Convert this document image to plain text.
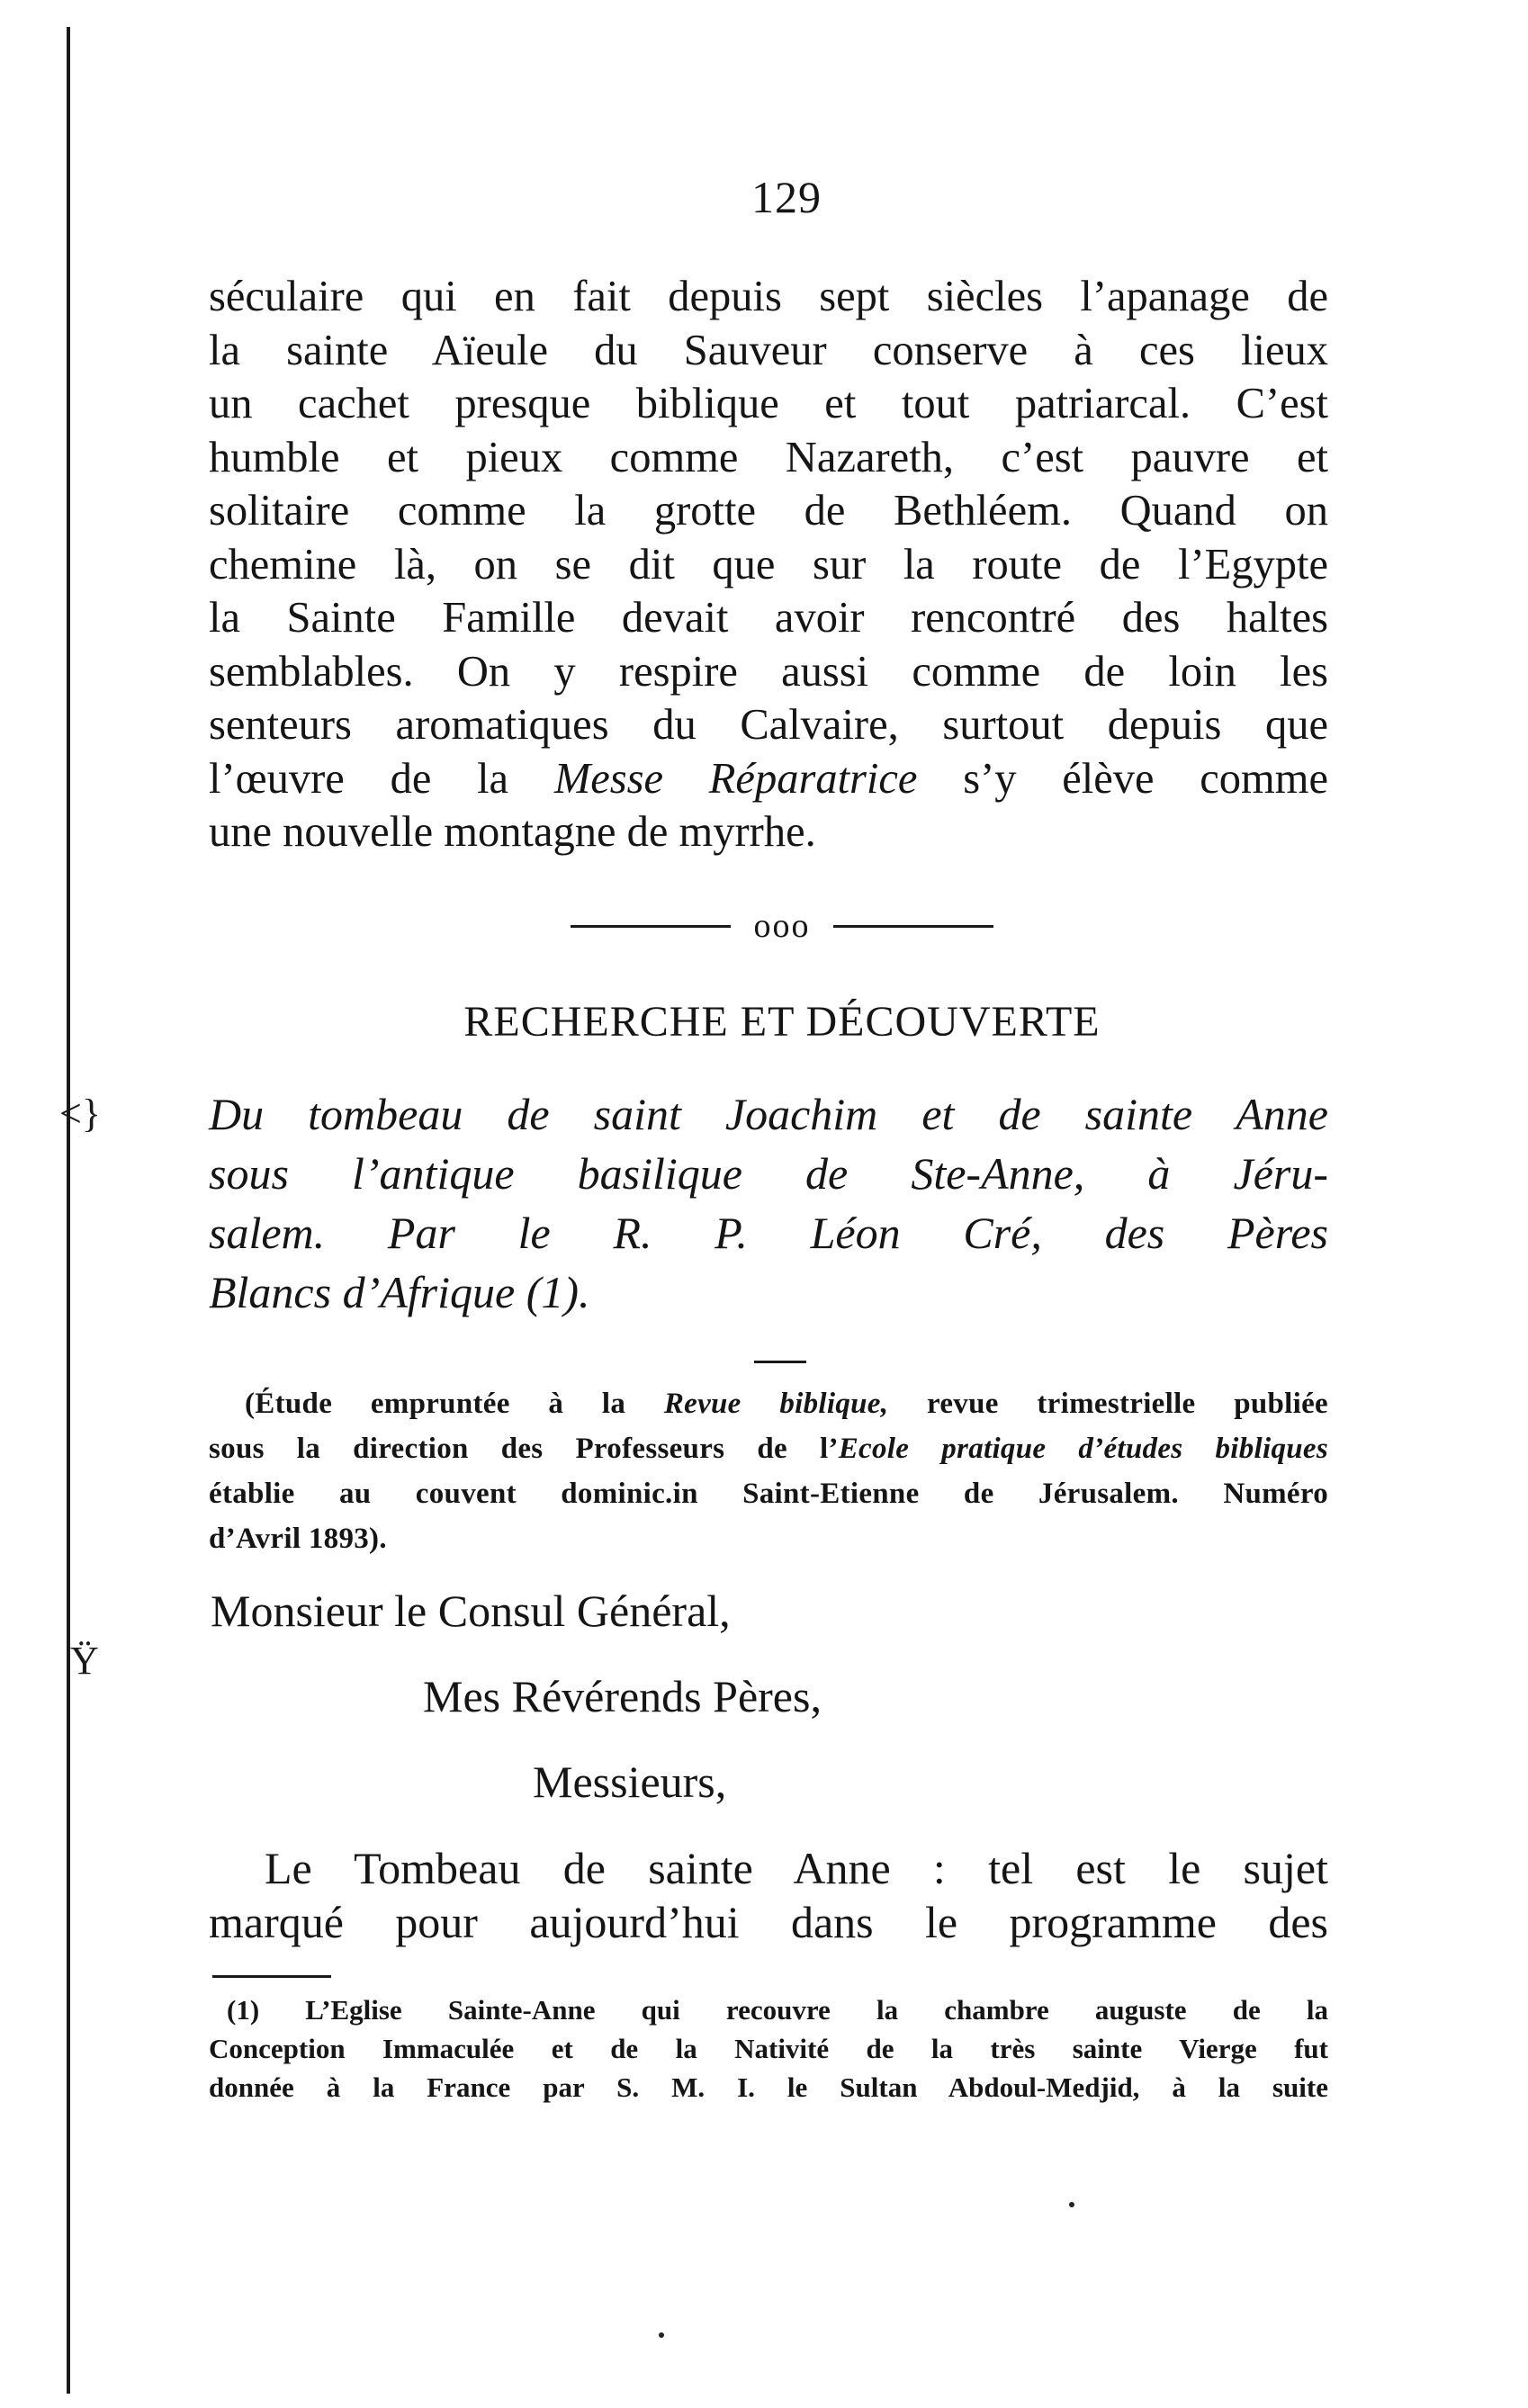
<}
Ÿ
129

séculaire qui en fait depuis sept siècles l’apanage de
la sainte Aïeule du Sauveur conserve à ces lieux
un cachet presque biblique et tout patriarcal. C’est
humble et pieux comme Nazareth, c’est pauvre et
solitaire comme la grotte de Bethléem. Quand on
chemine là, on se dit que sur la route de l’Egypte
la Sainte Famille devait avoir rencontré des haltes
semblables. On y respire aussi comme de loin les
senteurs aromatiques du Calvaire, surtout depuis que
l’œuvre de la Messe Réparatrice s’y élève comme
une nouvelle montagne de myrrhe.

ooo
RECHERCHE ET DÉCOUVERTE

Du tombeau de saint Joachim et de sainte Anne
sous l’antique basilique de Ste-Anne, à Jéru-
salem. Par le R. P. Léon Cré, des Pères
Blancs d’Afrique (1).

(Étude empruntée à la Revue biblique, revue trimestrielle publiée
sous la direction des Professeurs de l’Ecole pratique d’études bibliques
établie au couvent dominic.in Saint-Etienne de Jérusalem. Numéro
d’Avril 1893).

Monsieur le Consul Général,

Mes Révérends Pères,

Messieurs,

Le Tombeau de sainte Anne : tel est le sujet
marqué pour aujourd’hui dans le programme des

(1) L’Eglise Sainte-Anne qui recouvre la chambre auguste de la
Conception Immaculée et de la Nativité de la très sainte Vierge fut
donnée à la France par S. M. I. le Sultan Abdoul-Medjid, à la suite
